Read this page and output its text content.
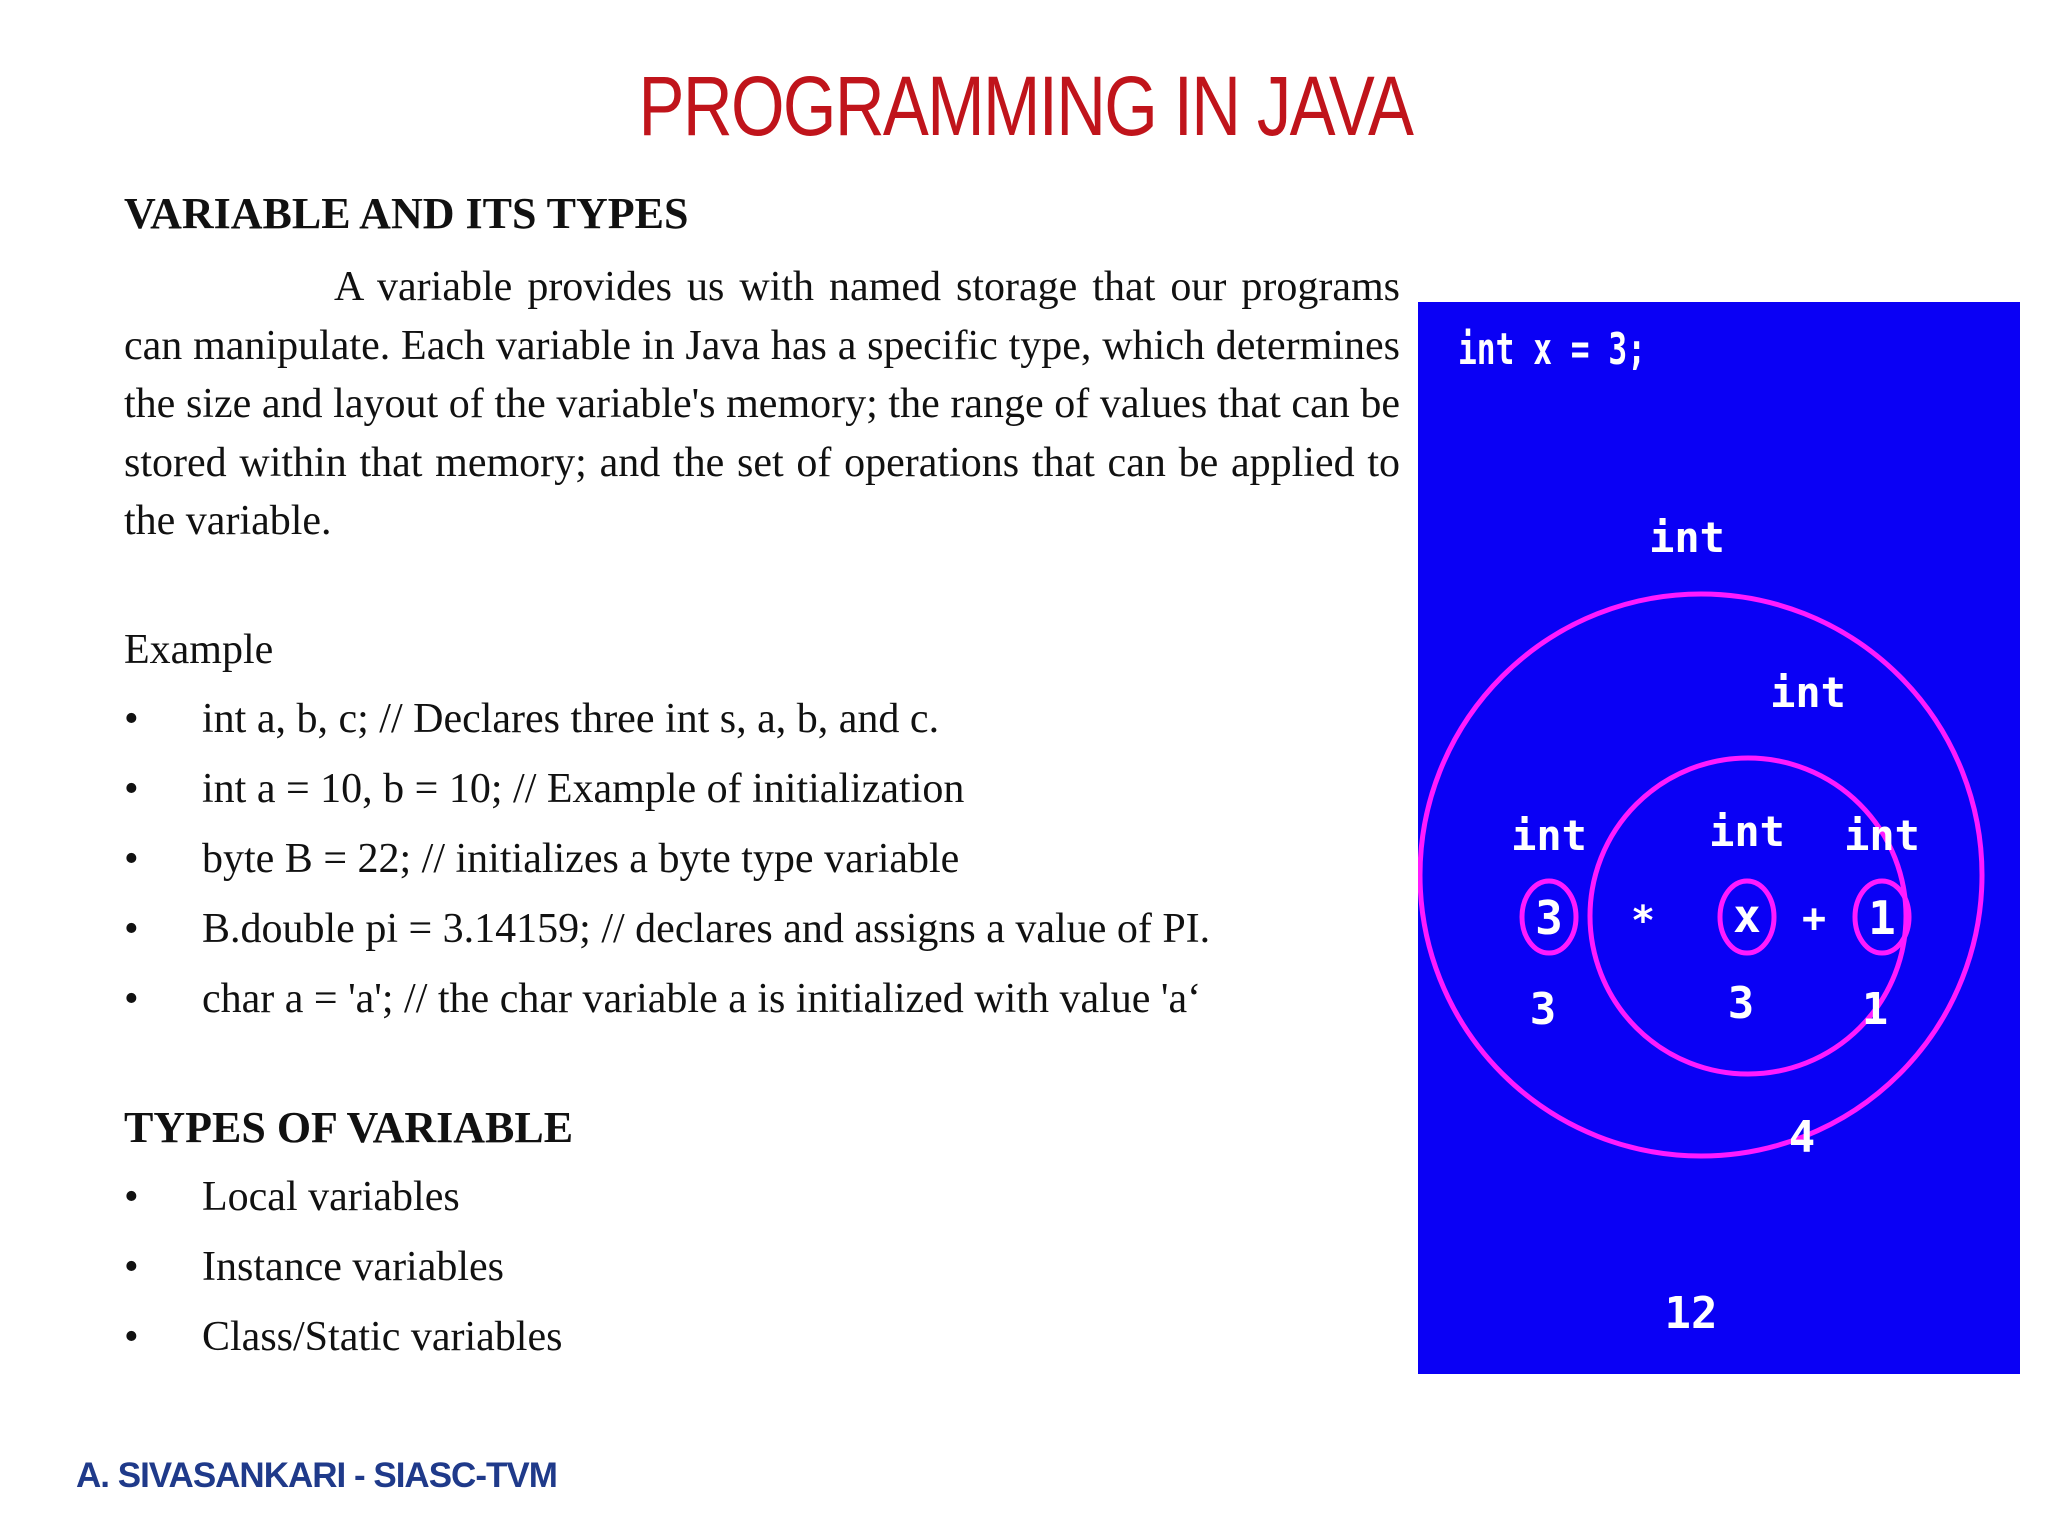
PROGRAMMING IN JAVA
VARIABLE AND ITS TYPES

A variable provides us with named storage that our programs can manipulate. Each variable in Java has a specific type, which determines the size and layout of the variable's memory; the range of values that can be stored within that memory; and the set of operations that can be applied to the variable.

Example
• int a, b, c; // Declares three int s, a, b, and c.
• int a = 10, b = 10; // Example of initialization
• byte B = 22; // initializes a byte type variable
• B.double pi = 3.14159; // declares and assigns a value of PI.
• char a = 'a'; // the char variable a is initialized with value 'a‘
TYPES OF VARIABLE
• Local variables
• Instance variables
• Class/Static variables
A. SIVASANKARI - SIASC-TVM
int x = 3;
int
int
int	int int
3 * x + 1
3	3 1
4
12
